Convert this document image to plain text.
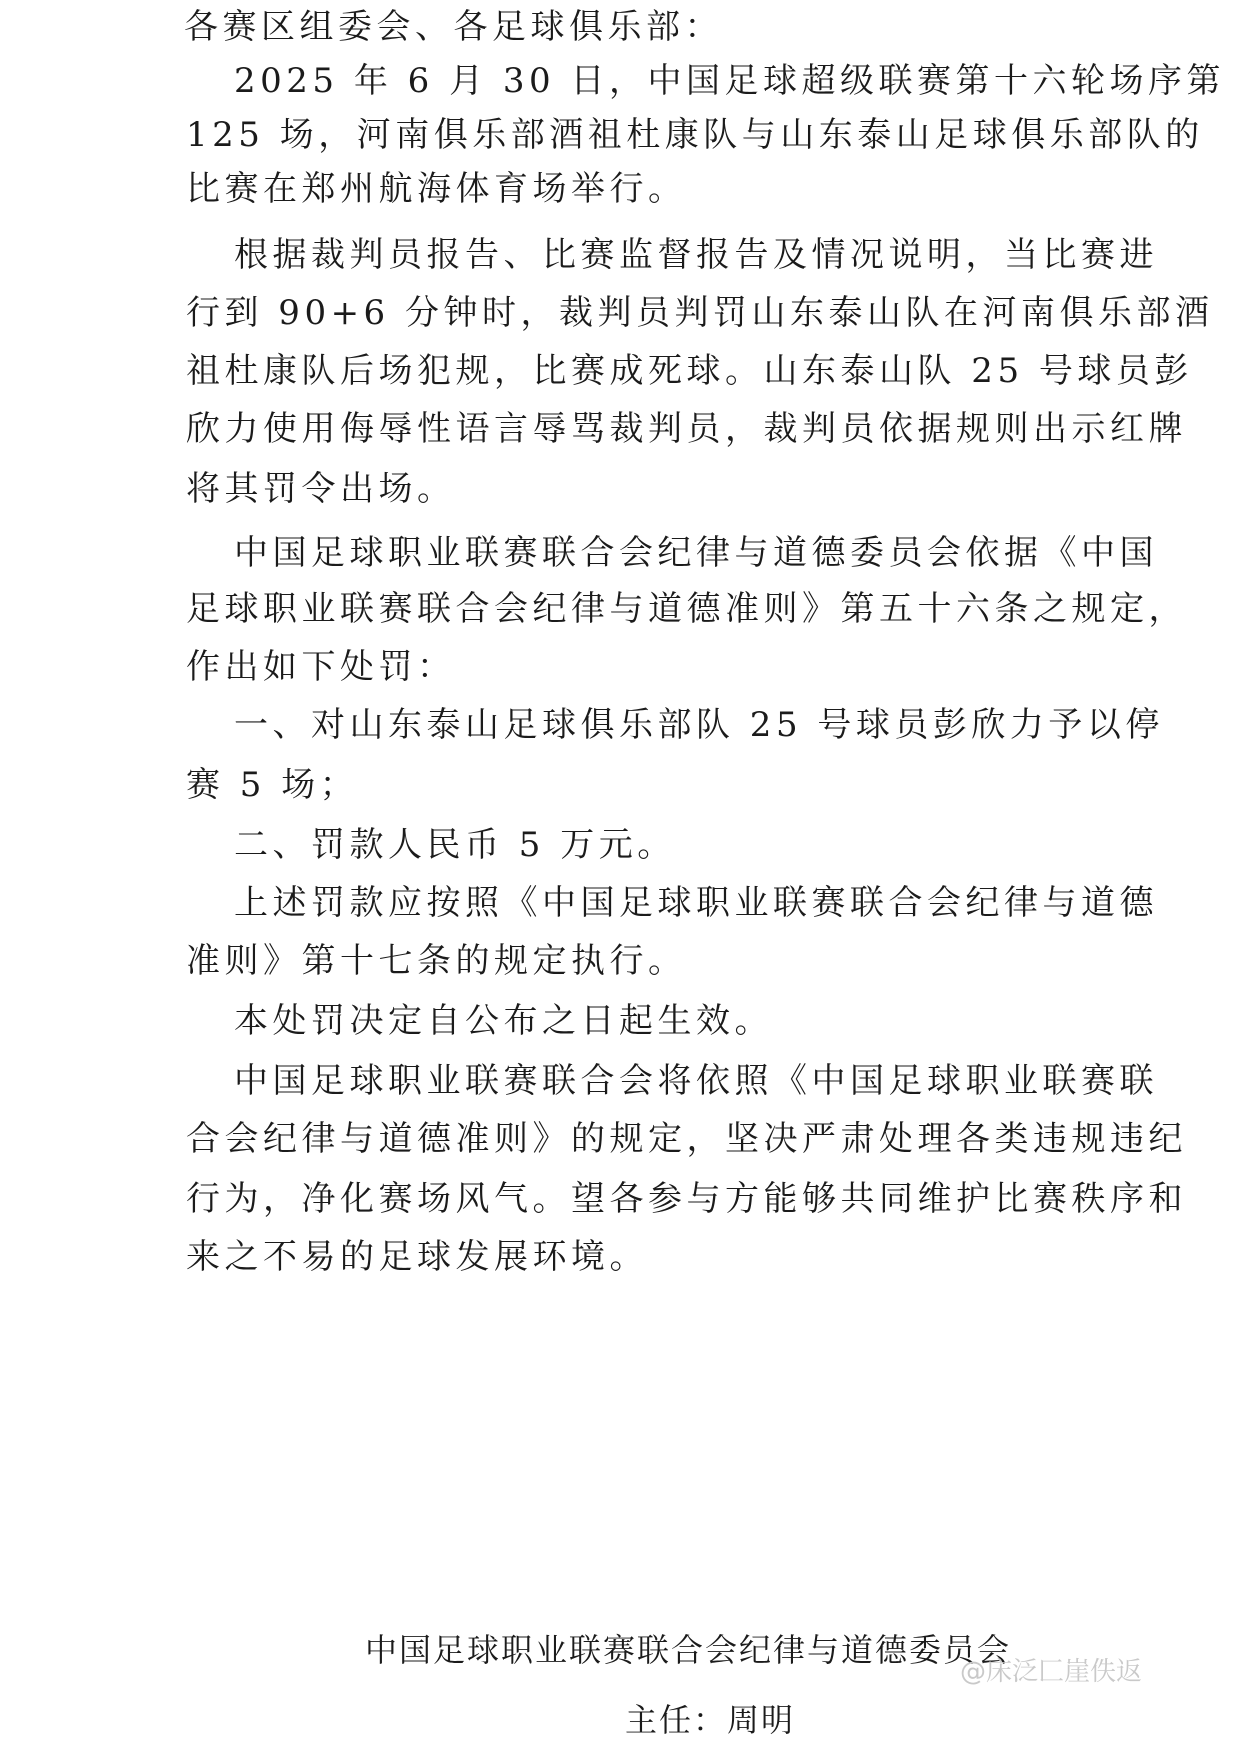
各赛区组委会、各足球俱乐部：
2025 年 6 月 30 日，中国足球超级联赛第十六轮场序第
125 场，河南俱乐部酒祖杜康队与山东泰山足球俱乐部队的
比赛在郑州航海体育场举行。
根据裁判员报告、比赛监督报告及情况说明，当比赛进
行到 90+6 分钟时，裁判员判罚山东泰山队在河南俱乐部酒
祖杜康队后场犯规，比赛成死球。山东泰山队 25 号球员彭
欣力使用侮辱性语言辱骂裁判员，裁判员依据规则出示红牌
将其罚令出场。
中国足球职业联赛联合会纪律与道德委员会依据《中国
足球职业联赛联合会纪律与道德准则》第五十六条之规定，
作出如下处罚：
一、对山东泰山足球俱乐部队 25 号球员彭欣力予以停
赛 5 场；
二、罚款人民币 5 万元。
上述罚款应按照《中国足球职业联赛联合会纪律与道德
准则》第十七条的规定执行。
本处罚决定自公布之日起生效。
中国足球职业联赛联合会将依照《中国足球职业联赛联
合会纪律与道德准则》的规定，坚决严肃处理各类违规违纪
行为，净化赛场风气。望各参与方能够共同维护比赛秩序和
来之不易的足球发展环境。
中国足球职业联赛联合会纪律与道德委员会
主任：周明
@床泛匚崖佚返
